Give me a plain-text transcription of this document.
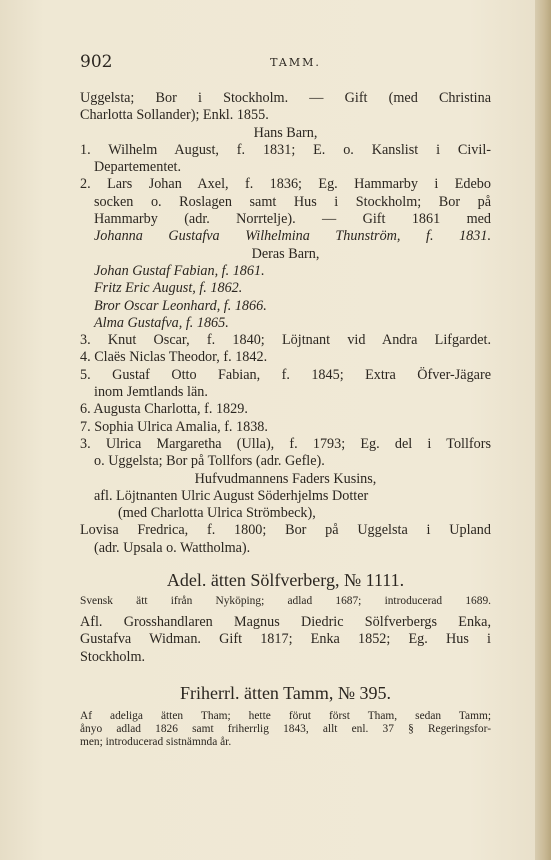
902	TAMM.
Uggelsta; Bor i Stockholm. — Gift (med Christina
Charlotta Sollander); Enkl. 1855.
Hans Barn,
1. Wilhelm August, f. 1831; E. o. Kanslist i Civil-
Departementet.
2. Lars Johan Axel, f. 1836; Eg. Hammarby i Edebo
socken o. Roslagen samt Hus i Stockholm; Bor på
Hammarby (adr. Norrtelje). — Gift 1861 med
Johanna Gustafva Wilhelmina Thunström, f. 1831.
Deras Barn,
Johan Gustaf Fabian, f. 1861.
Fritz Eric August, f. 1862.
Bror Oscar Leonhard, f. 1866.
Alma Gustafva, f. 1865.
3. Knut Oscar, f. 1840; Löjtnant vid Andra Lifgardet.
4. Claës Niclas Theodor, f. 1842.
5. Gustaf Otto Fabian, f. 1845; Extra Öfver-Jägare
inom Jemtlands län.
6. Augusta Charlotta, f. 1829.
7. Sophia Ulrica Amalia, f. 1838.
3. Ulrica Margaretha (Ulla), f. 1793; Eg. del i Tollfors
o. Uggelsta; Bor på Tollfors (adr. Gefle).
Hufvudmannens Faders Kusins,
afl. Löjtnanten Ulric August Söderhjelms Dotter
(med Charlotta Ulrica Strömbeck),
Lovisa Fredrica, f. 1800; Bor på Uggelsta i Upland
(adr. Upsala o. Wattholma).
Adel. ätten Sölfverberg, № 1111.
Svensk ätt ifrån Nyköping; adlad 1687; introducerad 1689.
Afl. Grosshandlaren Magnus Diedric Sölfverbergs Enka,
Gustafva Widman. Gift 1817; Enka 1852; Eg. Hus i
Stockholm.
Friherrl. ätten Tamm, № 395.
Af adeliga ätten Tham; hette förut först Tham, sedan Tamm;
ånyo adlad 1826 samt friherrlig 1843, allt enl. 37 § Regeringsfor-
men; introducerad sistnämnda år.
